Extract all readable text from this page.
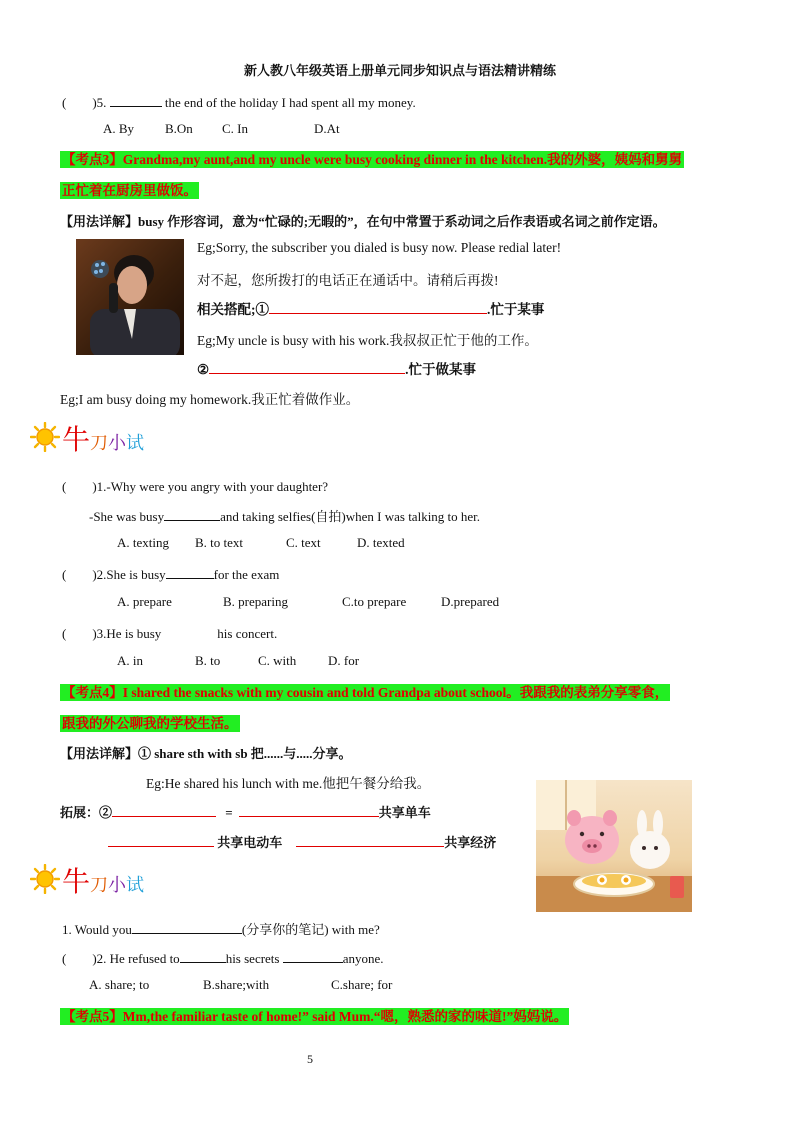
新人教八年级英语上册单元同步知识点与语法精讲精练
(　　)5.	the end of the holiday I had spent all my money.
A. By B.On C. In	D.At
【考点3】Grandma,my aunt,and my uncle were busy cooking dinner in the kitchen.我的外婆，姨妈和舅舅
正忙着在厨房里做饭。
【用法详解】busy 作形容词，意为“忙碌的;无暇的”，在句中常置于系动词之后作表语或名词之前作定语。
Eg;Sorry, the subscriber you dialed is busy now. Please redial later!
对不起，您所拨打的电话正在通话中。请稍后再拨!
相关搭配;①	.忙于某事
Eg;My uncle is busy with his work.我叔叔正忙于他的工作。
②	.忙于做某事
Eg;I am busy doing my homework.我正忙着做作业。
牛刀小试
(　　)1.-Why were you angry with your daughter?
-She was busy	and taking selfies(自拍)when I was talking to her.
A. texting B. to text	C. text	D. texted
(　　)2.She is busy	for the exam
A. prepare	B. preparing	C.to prepare	D.prepared
(　　)3.He is busy	his concert.
A. in	B. to	C. with D. for
【考点4】I shared the snacks with my cousin and told Grandpa about school。我跟我的表弟分享零食，
跟我的外公聊我的学校生活。
【用法详解】① share sth with sb 把......与.....分享。
Eg:He shared his lunch with me.他把午餐分给我。
拓展：②	=	共享单车
共享电动车	共享经济
牛刀小试
1. Would you	(分享你的笔记) with me?
(　　)2. He refused to	his secrets	anyone.
A. share; to	B.share;with	C.share; for
【考点5】Mm,the familiar taste of home!” said Mum.“嗯，熟悉的家的味道!”妈妈说。
5
